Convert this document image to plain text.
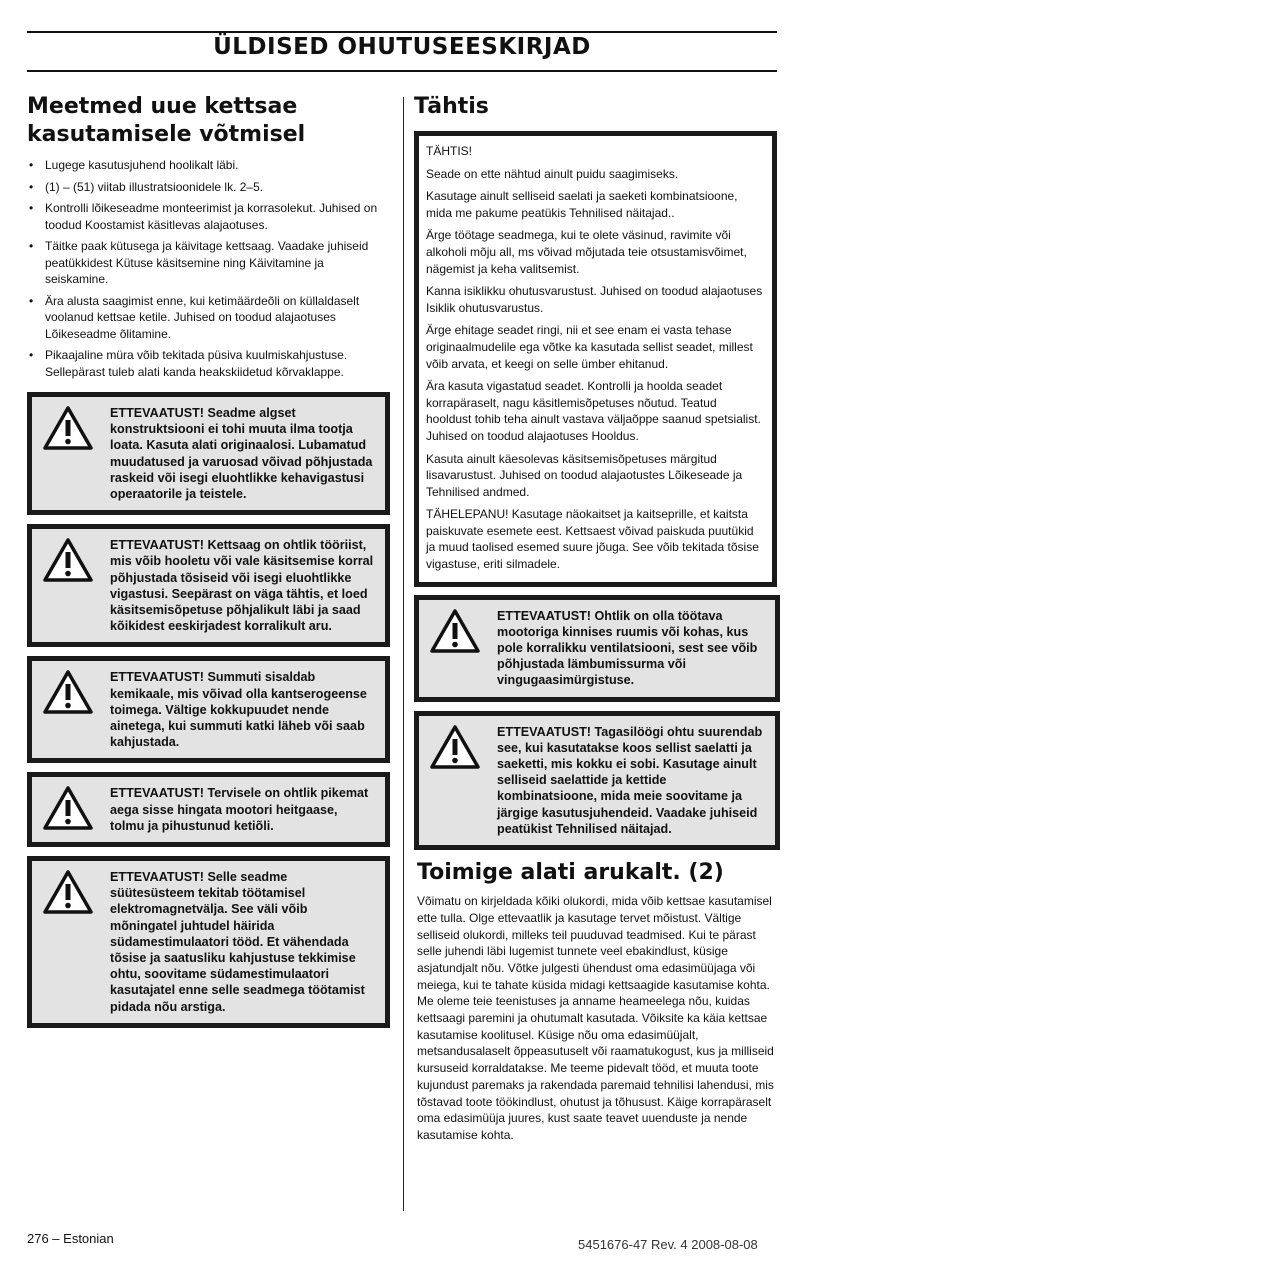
ÜLDISED OHUTUSEESKIRJAD
Meetmed uue kettsae kasutamisele võtmisel
• Lugege kasutusjuhend hoolikalt läbi.
• (1) – (51) viitab illustratsioonidele lk. 2–5.
• Kontrolli lõikeseadme monteerimist ja korrasolekut. Juhised on toodud Koostamist käsitlevas alajaotuses.
• Täitke paak kütusega ja käivitage kettsaag. Vaadake juhiseid peatükkidest Kütuse käsitsemine ning Käivitamine ja seiskamine.
• Ära alusta saagimist enne, kui ketimäärdeõli on küllaldaselt voolanud kettsae ketile. Juhised on toodud alajaotuses Lõikeseadme õlitamine.
• Pikaajaline müra võib tekitada püsiva kuulmiskahjustuse. Sellepärast tuleb alati kanda heakskiidetud kõrvaklappe.
ETTEVAATUST! Seadme algset konstruktsiooni ei tohi muuta ilma tootja loata. Kasuta alati originaalosi. Lubamatud muudatused ja varuosad võivad põhjustada raskeid või isegi eluohtlikke kehavigastusi operaatorile ja teistele.
ETTEVAATUST! Kettsaag on ohtlik tööriist, mis võib hooletu või vale käsitsemise korral põhjustada tõsiseid või isegi eluohtlikke vigastusi. Seepärast on väga tähtis, et loed käsitsemisõpetuse põhjalikult läbi ja saad kõikidest eeskirjadest korralikult aru.
ETTEVAATUST! Summuti sisaldab kemikaale, mis võivad olla kantserogeense toimega. Vältige kokkupuudet nende ainetega, kui summuti katki läheb või saab kahjustada.
ETTEVAATUST! Tervisele on ohtlik pikemat aega sisse hingata mootori heitgaase, tolmu ja pihustunud ketiõli.
ETTEVAATUST! Selle seadme süütesüsteem tekitab töötamisel elektromagnetvälja. See väli võib mõningatel juhtudel häirida südamestimulaatori tööd. Et vähendada tõsise ja saatusliku kahjustuse tekkimise ohtu, soovitame südamestimulaatori kasutajatel enne selle seadmega töötamist pidada nõu arstiga.
Tähtis

TÄHTIS!

Seade on ette nähtud ainult puidu saagimiseks.

Kasutage ainult selliseid saelati ja saeketi kombinatsioone, mida me pakume peatükis Tehnilised näitajad..

Ärge töötage seadmega, kui te olete väsinud, ravimite või alkoholi mõju all, ms võivad mõjutada teie otsustamisvõimet, nägemist ja keha valitsemist.

Kanna isiklikku ohutusvarustust. Juhised on toodud alajaotuses Isiklik ohutusvarustus.

Ärge ehitage seadet ringi, nii et see enam ei vasta tehase originaalmudelile ega võtke ka kasutada sellist seadet, millest võib arvata, et keegi on selle ümber ehitanud.

Ära kasuta vigastatud seadet. Kontrolli ja hoolda seadet korrapäraselt, nagu käsitlemisõpetuses nõutud. Teatud hooldust tohib teha ainult vastava väljaõppe saanud spetsialist. Juhised on toodud alajaotuses Hooldus.

Kasuta ainult käesolevas käsitsemisõpetuses märgitud lisavarustust. Juhised on toodud alajaotustes Lõikeseade ja Tehnilised andmed.

TÄHELEPANU! Kasutage näokaitset ja kaitseprille, et kaitsta paiskuvate esemete eest. Kettsaest võivad paiskuda puutükid ja muud taolised esemed suure jõuga. See võib tekitada tõsise vigastuse, eriti silmadele.

ETTEVAATUST! Ohtlik on olla töötava mootoriga kinnises ruumis või kohas, kus pole korralikku ventilatsiooni, sest see võib põhjustada lämbumissurma või vingugaasimürgistuse.
ETTEVAATUST! Tagasilöögi ohtu suurendab see, kui kasutatakse koos sellist saelatti ja saeketti, mis kokku ei sobi. Kasutage ainult selliseid saelattide ja kettide kombinatsioone, mida meie soovitame ja järgige kasutusjuhendeid. Vaadake juhiseid peatükist Tehnilised näitajad.
Toimige alati arukalt. (2)

Võimatu on kirjeldada kõiki olukordi, mida võib kettsae kasutamisel ette tulla. Olge ettevaatlik ja kasutage tervet mõistust. Vältige selliseid olukordi, milleks teil puuduvad teadmised. Kui te pärast selle juhendi läbi lugemist tunnete veel ebakindlust, küsige asjatundjalt nõu. Võtke julgesti ühendust oma edasimüüjaga või meiega, kui te tahate küsida midagi kettsaagide kasutamise kohta. Me oleme teie teenistuses ja anname heameelega nõu, kuidas kettsaagi paremini ja ohutumalt kasutada. Võiksite ka käia kettsae kasutamise koolitusel. Küsige nõu oma edasimüüjalt, metsandusalaselt õppeasutuselt või raamatukogust, kus ja milliseid kursuseid korraldatakse. Me teeme pidevalt tööd, et muuta toote kujundust paremaks ja rakendada paremaid tehnilisi lahendusi, mis tõstavad toote töökindlust, ohutust ja tõhusust. Käige korrapäraselt oma edasimüüja juures, kust saate teavet uuenduste ja nende kasutamise kohta.

276 – Estonian	5451676-47 Rev. 4 2008-08-08
